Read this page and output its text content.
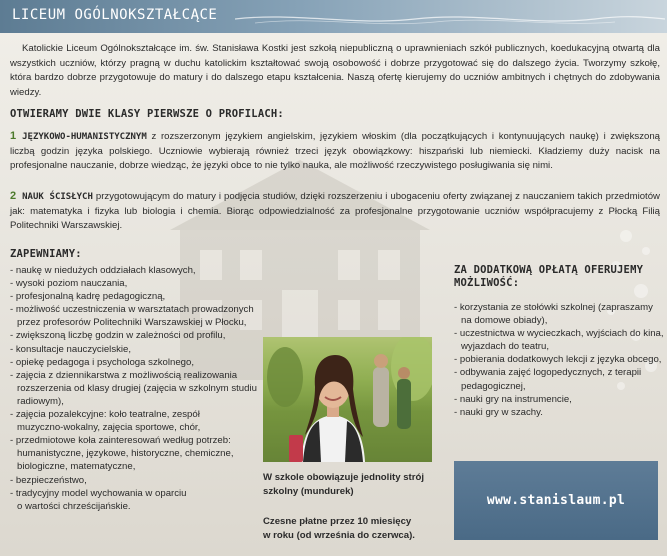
LICEUM OGÓLNOKSZTAŁCĄCE

Katolickie Liceum Ogólnokształcące im. św. Stanisława Kostki jest szkołą niepubliczną o uprawnieniach szkół publicznych, koedukacyjną otwartą dla wszystkich uczniów, którzy pragną w duchu katolickim kształtować swoją osobowość i dobrze przygotować się do dalszego życia. Tworzymy szkołę, która bardzo dobrze przygotowuje do matury i do dalszego etapu kształcenia. Naszą ofertę kierujemy do uczniów ambitnych i chętnych do zdobywania wiedzy.

OTWIERAMY DWIE KLASY PIERWSZE O PROFILACH:

1 JĘZYKOWO-HUMANISTYCZNYM z rozszerzonym językiem angielskim, językiem włoskim (dla początkujących i kontynuujących naukę) i zwiększoną liczbą godzin języka polskiego. Uczniowie wybierają również trzeci język obowiązkowy: hiszpański lub niemiecki. Kładziemy duży nacisk na profesjonalne nauczanie, dobrze wiedząc, że języki obce to nie tylko nauka, ale możliwość rzeczywistego posługiwania się nimi.

2 NAUK ŚCISŁYCH przygotowującym do matury i podjęcia studiów, dzięki rozszerzeniu i ubogaceniu oferty związanej z nauczaniem takich przedmiotów jak: matematyka i fizyka lub biologia i chemia. Biorąc odpowiedzialność za profesjonalne przygotowanie uczniów współpracujemy z Płocką Filią Politechniki Warszawskiej.

ZAPEWNIAMY:
- naukę w niedużych oddziałach klasowych,
- wysoki poziom nauczania,
- profesjonalną kadrę pedagogiczną,
- możliwość uczestniczenia w warsztatach prowadzonych
przez profesorów Politechniki Warszawskiej w Płocku,
- zwiększoną liczbę godzin w zależności od profilu,
- konsultacje nauczycielskie,
- opiekę pedagoga i psychologa szkolnego,
- zajęcia z dziennikarstwa z możliwością realizowania
rozszerzenia od klasy drugiej (zajęcia w szkolnym studiu
radiowym),
- zajęcia pozalekcyjne: koło teatralne, zespół
muzyczno-wokalny, zajęcia sportowe, chór,
- przedmiotowe koła zainteresowań według potrzeb:
humanistyczne, językowe, historyczne, chemiczne,
biologiczne, matematyczne,
- bezpieczeństwo,
- tradycyjny model wychowania w oparciu
o wartości chrześcijańskie.
ZA DODATKOWĄ OPŁATĄ OFERUJEMY
MOŻLIWOŚĆ:
- korzystania ze stołówki szkolnej (zapraszamy
na domowe obiady),
- uczestnictwa w wycieczkach, wyjściach do kina,
wyjazdach do teatru,
- pobierania dodatkowych lekcji z języka obcego,
- odbywania zajęć logopedycznych, z terapii
pedagogicznej,
- nauki gry na instrumencie,
- nauki gry w szachy.
W szkole obowiązuje jednolity strój
szkolny (mundurek)
Czesne płatne przez 10 miesięcy
w roku (od września do czerwca).
www.stanislaum.pl
